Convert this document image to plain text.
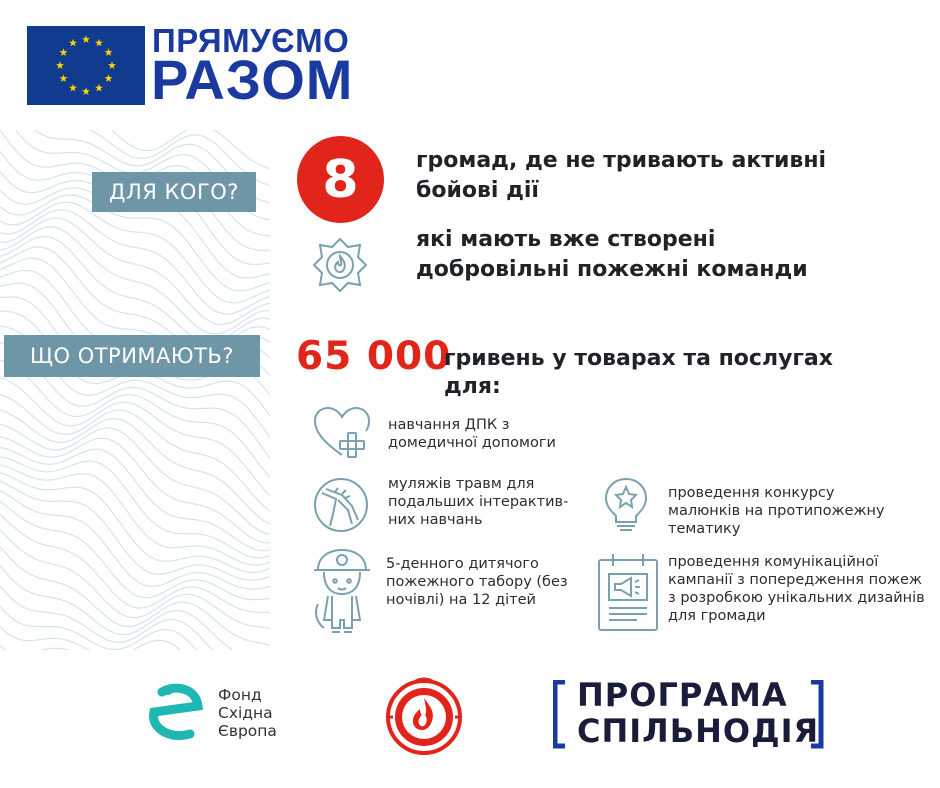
ПРЯМУЄМО
РАЗОМ
ДЛЯ КОГО?
ЩО ОТРИМАЮТЬ?
8	громад, де не тривають активні бойові дії
які мають вже створені добровільні пожежні команди
65 000
гривень у товарах та послугах для:
навчання ДПК з домедичної допомоги
муляжів травм для подальших інтерактив-них навчань
5-денного дитячого пожежного табору (без ночівлі) на 12 дітей
проведення конкурсу малюнків на протипожежну тематику
проведення комунікаційної кампанії з попередження пожеж з розробкою унікальних дизайнів для громади
Фонд
Східна
Європа
ПРОГРАМА
СПІЛЬНОДІЯ
